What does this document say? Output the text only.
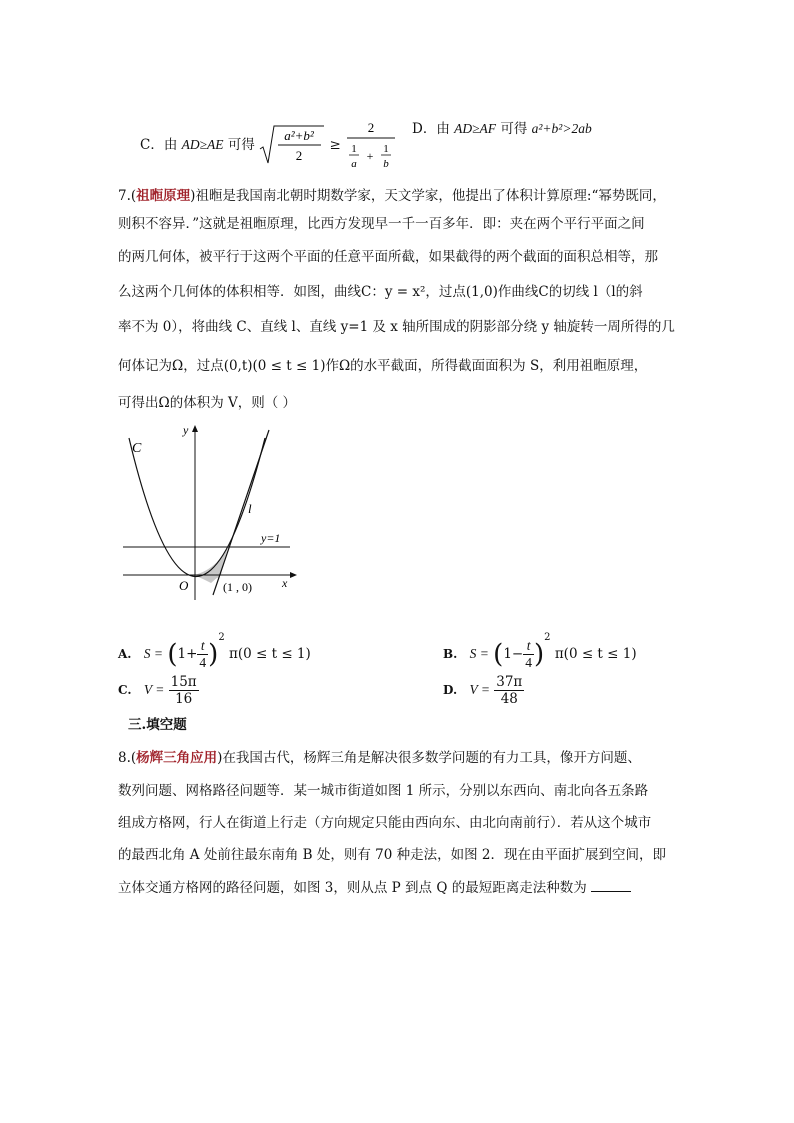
C．由 AD≥AE 可得
a²+b²
2
≥
2
1
a
+ 1
b
D．由 AD≥AF 可得 a²+b²>2ab
7.(祖暅原理)祖暅是我国南北朝时期数学家，天文学家，他提出了体积计算原理:“幂势既同，
则积不容异．”这就是祖暅原理，比西方发现早一千一百多年．即：夹在两个平行平面之间
的两几何体，被平行于这两个平面的任意平面所截，如果截得的两个截面的面积总相等，那
么这两个几何体的体积相等．如图，曲线C：y = x²，过点(1,0)作曲线C的切线 l（l的斜
率不为 0），将曲线 C、直线 l、直线 y=1 及 x 轴所围成的阴影部分绕 y 轴旋转一周所得的几
何体记为Ω，过点(0,t)(0 ≤ t ≤ 1)作Ω的水平截面，所得截面面积为 S，利用祖暅原理，
可得出Ω的体积为 V，则（ ）
C
y
x
O
l
y=1
(1 , 0)
A. $S = (1+ \frac{t}{4} )^2$ π(0 ≤ t ≤ 1)	B. $S = (1- \frac{t}{4} )^2$ π(0 ≤ t ≤ 1)
C. $V = \frac{15\pi}{16}$	D. $V = \frac{37\pi}{48}$
三.填空题
8.(杨辉三角应用)在我国古代，杨辉三角是解决很多数学问题的有力工具，像开方问题、
数列问题、网格路径问题等．某一城市街道如图 1 所示，分别以东西向、南北向各五条路
组成方格网，行人在街道上行走（方向规定只能由西向东、由北向南前行）．若从这个城市
的最西北角 A 处前往最东南角 B 处，则有 70 种走法，如图 2．现在由平面扩展到空间，即
立体交通方格网的路径问题，如图 3，则从点 P 到点 Q 的最短距离走法种数为
